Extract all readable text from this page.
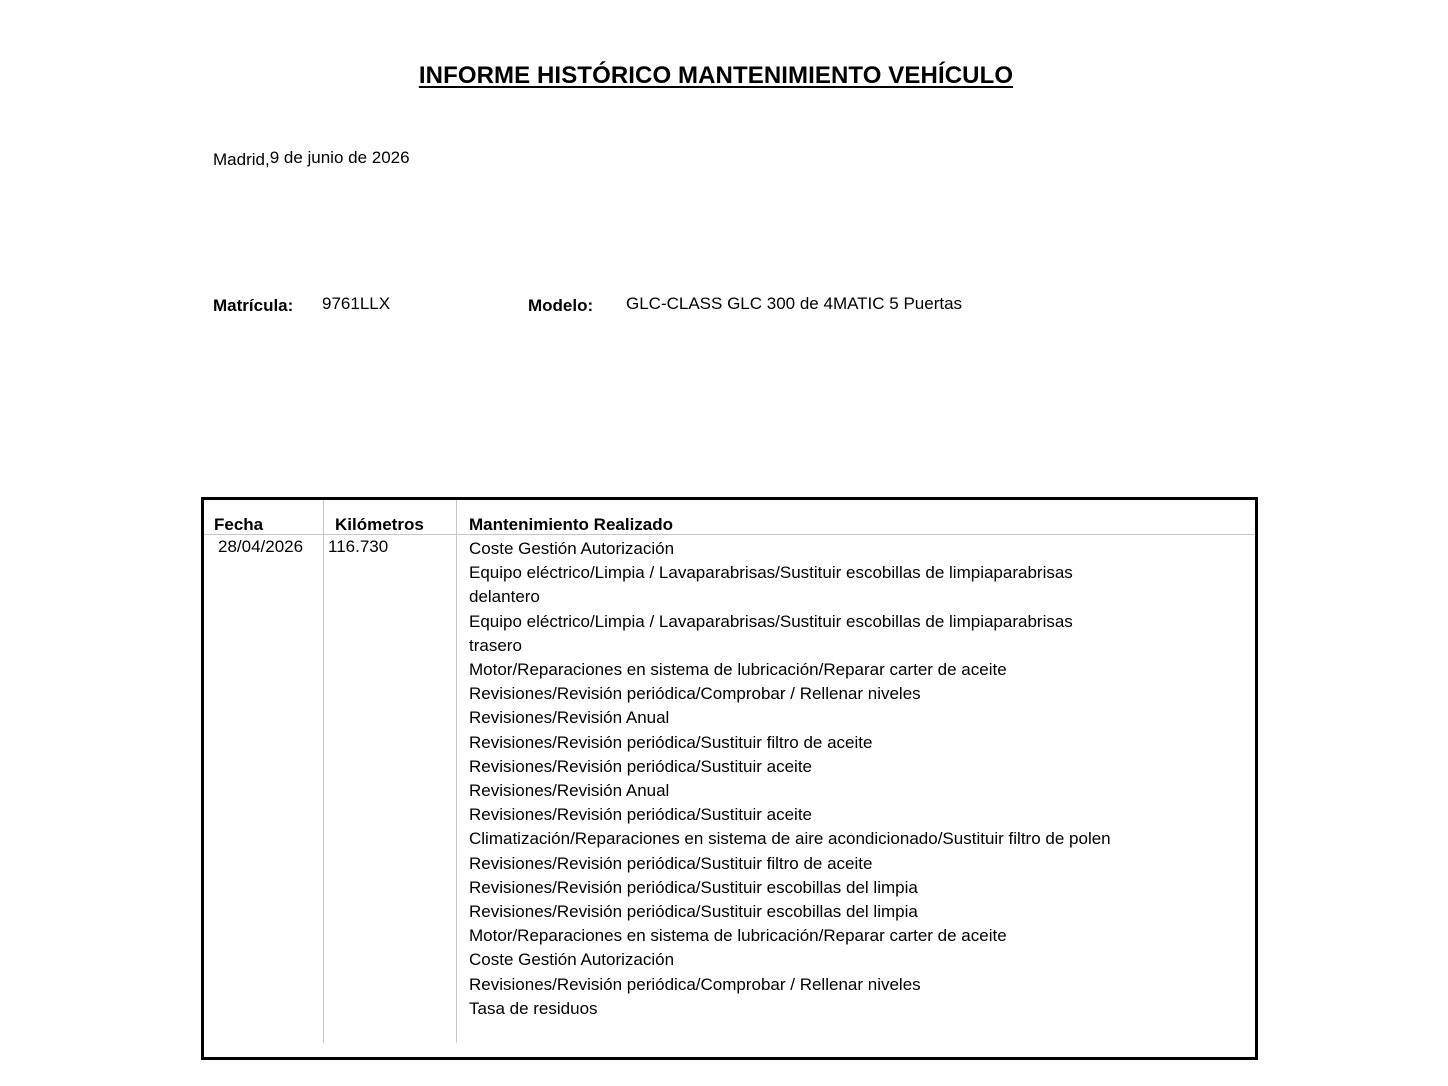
INFORME HISTÓRICO MANTENIMIENTO VEHÍCULO
Madrid,9 de junio de 2026
Matrícula: 9761LLX	Modelo: GLC-CLASS GLC 300 de 4MATIC 5 Puertas
Fecha	Kilómetros	Mantenimiento Realizado
28/04/2026 116.730	Coste Gestión Autorización
Equipo eléctrico/Limpia / Lavaparabrisas/Sustituir escobillas de limpiaparabrisas delantero
Equipo eléctrico/Limpia / Lavaparabrisas/Sustituir escobillas de limpiaparabrisas trasero
Motor/Reparaciones en sistema de lubricación/Reparar carter de aceite
Revisiones/Revisión periódica/Comprobar / Rellenar niveles
Revisiones/Revisión Anual
Revisiones/Revisión periódica/Sustituir filtro de aceite
Revisiones/Revisión periódica/Sustituir aceite
Revisiones/Revisión Anual
Revisiones/Revisión periódica/Sustituir aceite
Climatización/Reparaciones en sistema de aire acondicionado/Sustituir filtro de polen
Revisiones/Revisión periódica/Sustituir filtro de aceite
Revisiones/Revisión periódica/Sustituir escobillas del limpia
Revisiones/Revisión periódica/Sustituir escobillas del limpia
Motor/Reparaciones en sistema de lubricación/Reparar carter de aceite
Coste Gestión Autorización
Revisiones/Revisión periódica/Comprobar / Rellenar niveles
Tasa de residuos
